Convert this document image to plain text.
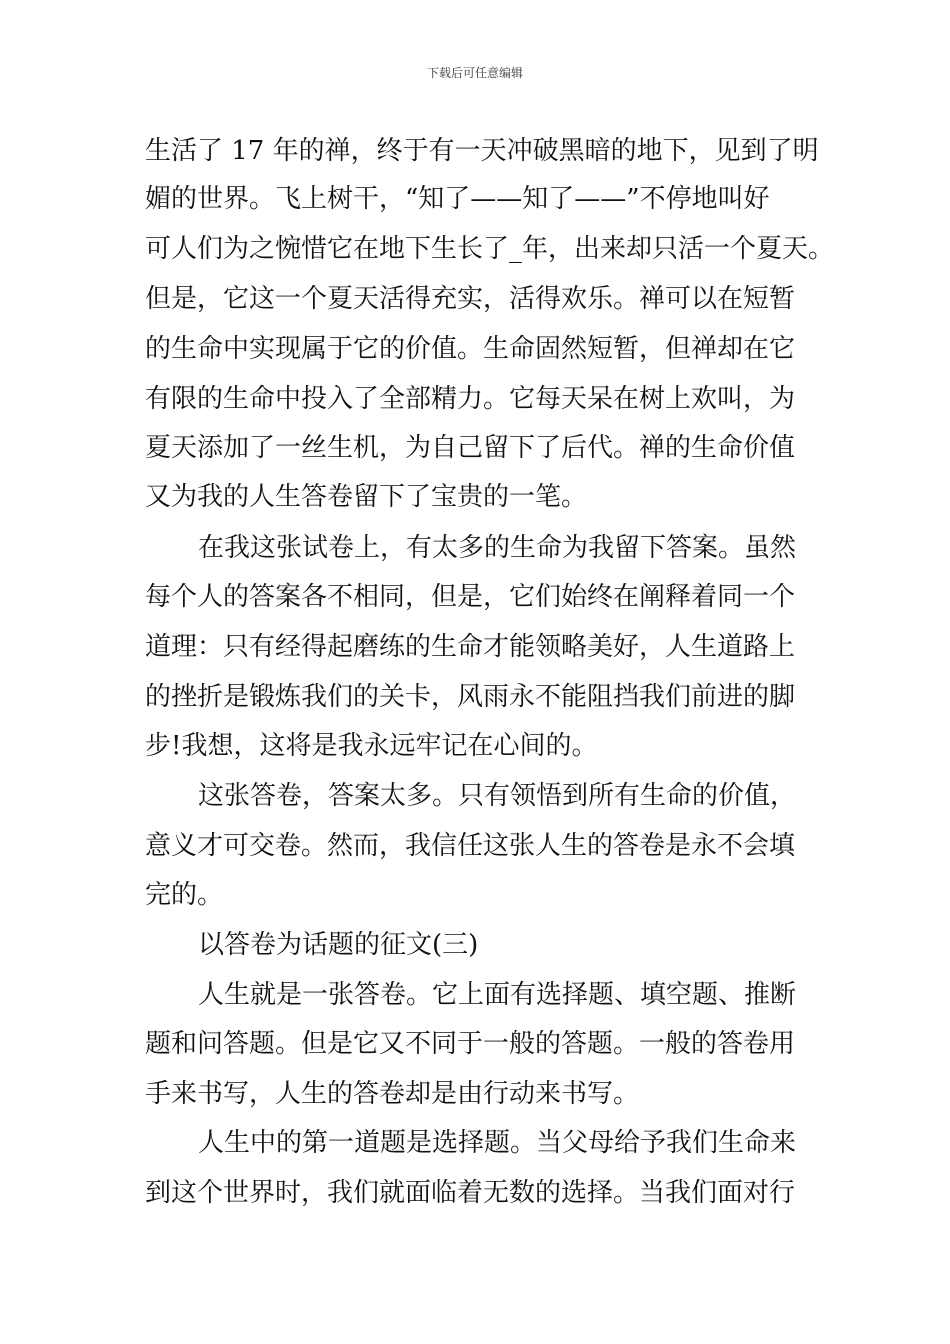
下载后可任意编辑
生活了 17 年的禅，终于有一天冲破黑暗的地下，见到了明
媚的世界。飞上树干，“知了——知了——”不停地叫好
可人们为之惋惜它在地下生长了_年，出来却只活一个夏天。
但是，它这一个夏天活得充实，活得欢乐。禅可以在短暂
的生命中实现属于它的价值。生命固然短暂，但禅却在它
有限的生命中投入了全部精力。它每天呆在树上欢叫，为
夏天添加了一丝生机，为自己留下了后代。禅的生命价值
又为我的人生答卷留下了宝贵的一笔。
在我这张试卷上，有太多的生命为我留下答案。虽然
每个人的答案各不相同，但是，它们始终在阐释着同一个
道理：只有经得起磨练的生命才能领略美好，人生道路上
的挫折是锻炼我们的关卡，风雨永不能阻挡我们前进的脚
步!我想，这将是我永远牢记在心间的。
这张答卷，答案太多。只有领悟到所有生命的价值，
意义才可交卷。然而，我信任这张人生的答卷是永不会填
完的。
以答卷为话题的征文(三)
人生就是一张答卷。它上面有选择题、填空题、推断
题和问答题。但是它又不同于一般的答题。一般的答卷用
手来书写，人生的答卷却是由行动来书写。
人生中的第一道题是选择题。当父母给予我们生命来
到这个世界时，我们就面临着无数的选择。当我们面对行
